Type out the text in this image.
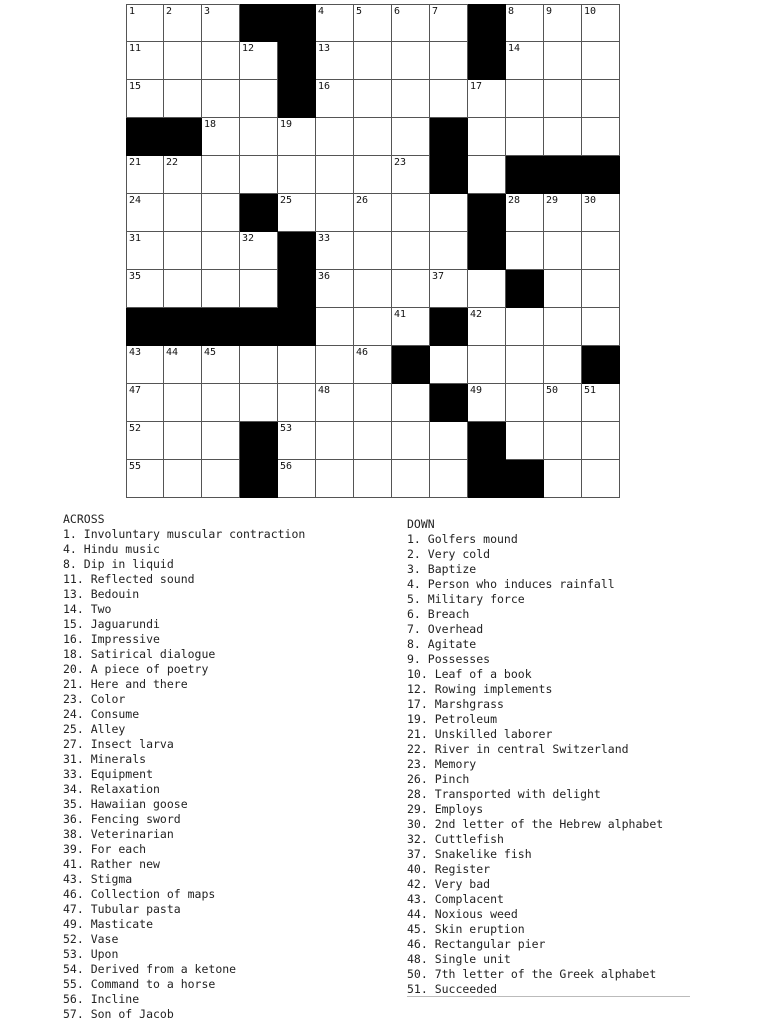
1	2	3	4	5	6	7	8	9	10
11	12	13	14
15	16	17
18	19
21 22	23
24	25	26	28	29	30
31	32	33
35	36	37
41	42
43 44	45	46
47	48	49	50	51
52	53
55	56
ACROSS
1. Involuntary muscular contraction
4. Hindu music
8. Dip in liquid
11. Reflected sound
13. Bedouin
14. Two
15. Jaguarundi
16. Impressive
18. Satirical dialogue
20. A piece of poetry
21. Here and there
23. Color
24. Consume
25. Alley
27. Insect larva
31. Minerals
33. Equipment
34. Relaxation
35. Hawaiian goose
36. Fencing sword
38. Veterinarian
39. For each
41. Rather new
43. Stigma
46. Collection of maps
47. Tubular pasta
49. Masticate
52. Vase
53. Upon
54. Derived from a ketone
55. Command to a horse
56. Incline
57. Son of Jacob
DOWN
1. Golfers mound
2. Very cold
3. Baptize
4. Person who induces rainfall
5. Military force
6. Breach
7. Overhead
8. Agitate
9. Possesses
10. Leaf of a book
12. Rowing implements
17. Marshgrass
19. Petroleum
21. Unskilled laborer
22. River in central Switzerland
23. Memory
26. Pinch
28. Transported with delight
29. Employs
30. 2nd letter of the Hebrew alphabet
32. Cuttlefish
37. Snakelike fish
40. Register
42. Very bad
43. Complacent
44. Noxious weed
45. Skin eruption
46. Rectangular pier
48. Single unit
50. 7th letter of the Greek alphabet
51. Succeeded
